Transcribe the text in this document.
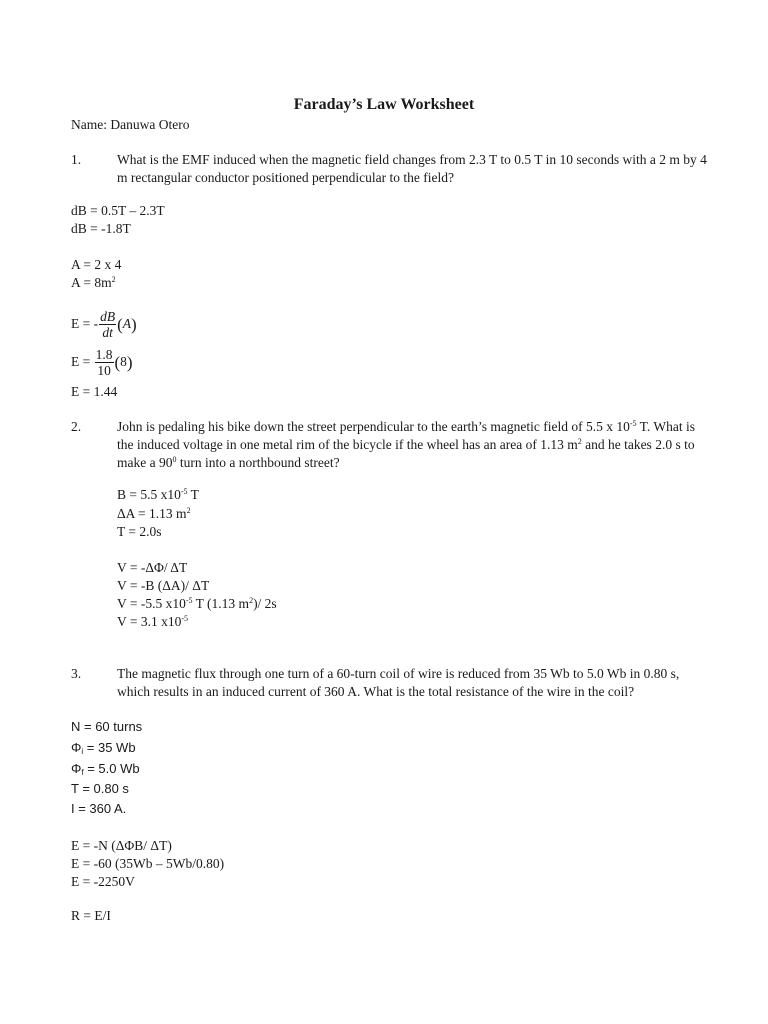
Faraday’s Law Worksheet
Name: Danuwa Otero
1.	What is the EMF induced when the magnetic field changes from 2.3 T to 0.5 T in 10 seconds with a 2 m by 4
m rectangular conductor positioned perpendicular to the field?
dB = 0.5T – 2.3T
dB = -1.8T
A = 2 x 4
$A = 8m^2$
E = - $\frac{dB}{dt} (A)$
$E = \frac{1.8}{10} (8)$
E = 1.44
2.	John is pedaling his bike down the street perpendicular to the earth’s magnetic field of 5.5 x $10^{-5}$ T. What is
the induced voltage in one metal rim of the bicycle if the wheel has an area of 1.13 $m^2$ and he takes 2.0 s to
make a $90^0$ turn into a northbound street?
B = 5.5 $x10^{-5}$ T
ΔA = 1.13 $m^2$
T = 2.0s
V = -ΔΦ/ ΔT
V = -B (ΔA)/ ΔT
V = -5.5 $x10^{-5}$ T (1.13 $m^2)/$ 2s
V = 3.1 $x10^{-5}$
3.	The magnetic flux through one turn of a 60-turn coil of wire is reduced from 35 Wb to 5.0 Wb in 0.80 s,
which results in an induced current of 360 A. What is the total resistance of the wire in the coil?
N = 60 turns
$\Phi_i = 35$ Wb
$\Phi_f = 5.0$ Wb
T = 0.80 s
I = 360 A.
E = -N (ΔΦB/ ΔT)
E = -60 (35Wb – 5Wb/0.80)
E = -2250V
R = E/I
